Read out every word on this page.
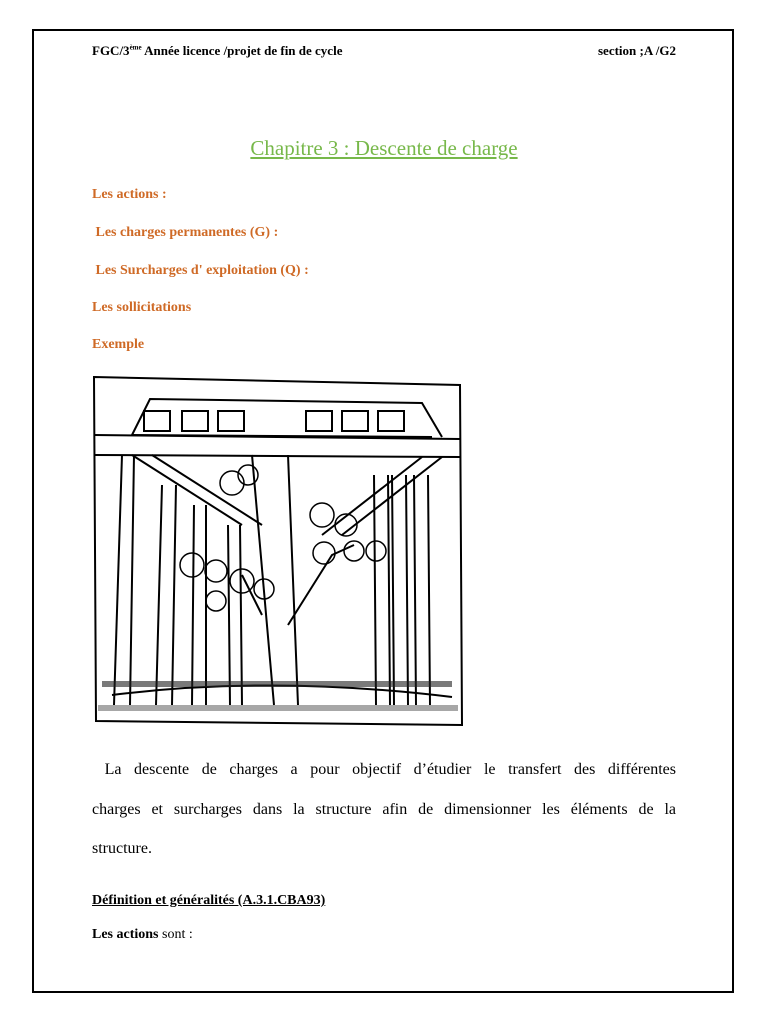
FGC/3ème Année licence /projet de fin de cycle	section ;A /G2
Chapitre 3 : Descente de charge
Les actions :
Les charges permanentes (G) :
Les Surcharges d' exploitation (Q) :
Les sollicitations
Exemple
La descente de charges a pour objectif d’étudier le transfert des différentes
charges et surcharges dans la structure afin de dimensionner les éléments de la
structure.
Définition et généralités (A.3.1.CBA93)
Les actions sont :
